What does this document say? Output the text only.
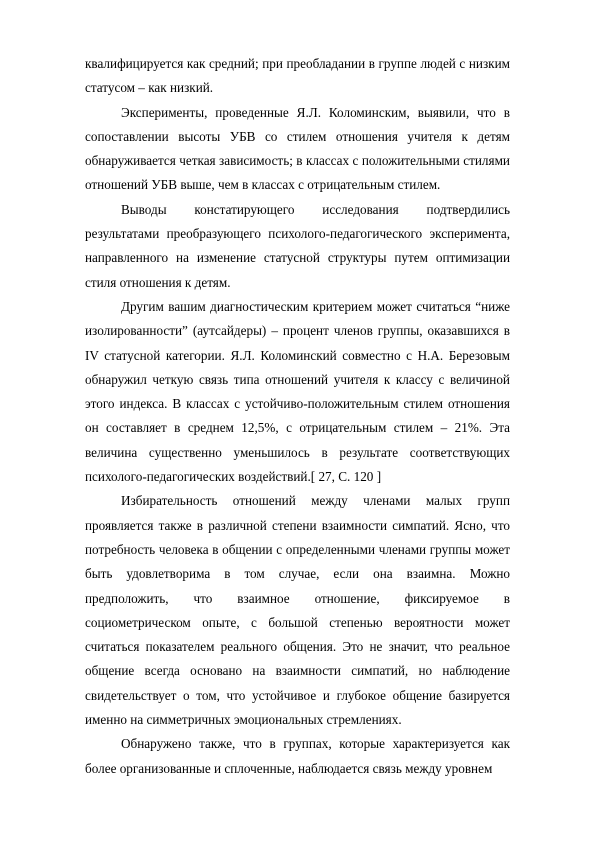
квалифицируется как средний; при преобладании в группе людей с низким статусом – как низкий.

Эксперименты, проведенные Я.Л. Коломинским, выявили, что в сопоставлении высоты УБВ со стилем отношения учителя к детям обнаруживается четкая зависимость; в классах с положительными стилями отношений УБВ выше, чем в классах с отрицательным стилем.

Выводы констатирующего исследования подтвердились результатами преобразующего психолого-педагогического эксперимента, направленного на изменение статусной структуры путем оптимизации стиля отношения к детям.

Другим вашим диагностическим критерием может считаться “ниже изолированности” (аутсайдеры) – процент членов группы, оказавшихся в IV статусной категории. Я.Л. Коломинский совместно с Н.А. Березовым обнаружил четкую связь типа отношений учителя к классу с величиной этого индекса. В классах с устойчиво-положительным стилем отношения он составляет в среднем 12,5%, с отрицательным стилем – 21%. Эта величина существенно уменьшилось в результате соответствующих психолого-педагогических воздействий.[ 27, С. 120 ]

Избирательность отношений между членами малых групп проявляется также в различной степени взаимности симпатий. Ясно, что потребность человека в общении с определенными членами группы может быть удовлетворима в том случае, если она взаимна. Можно предположить, что взаимное отношение, фиксируемое в социометрическом опыте, с большой степенью вероятности может считаться показателем реального общения. Это не значит, что реальное общение всегда основано на взаимности симпатий, но наблюдение свидетельствует о том, что устойчивое и глубокое общение базируется именно на симметричных эмоциональных стремлениях.

Обнаружено также, что в группах, которые характеризуется как более организованные и сплоченные, наблюдается связь между уровнем
